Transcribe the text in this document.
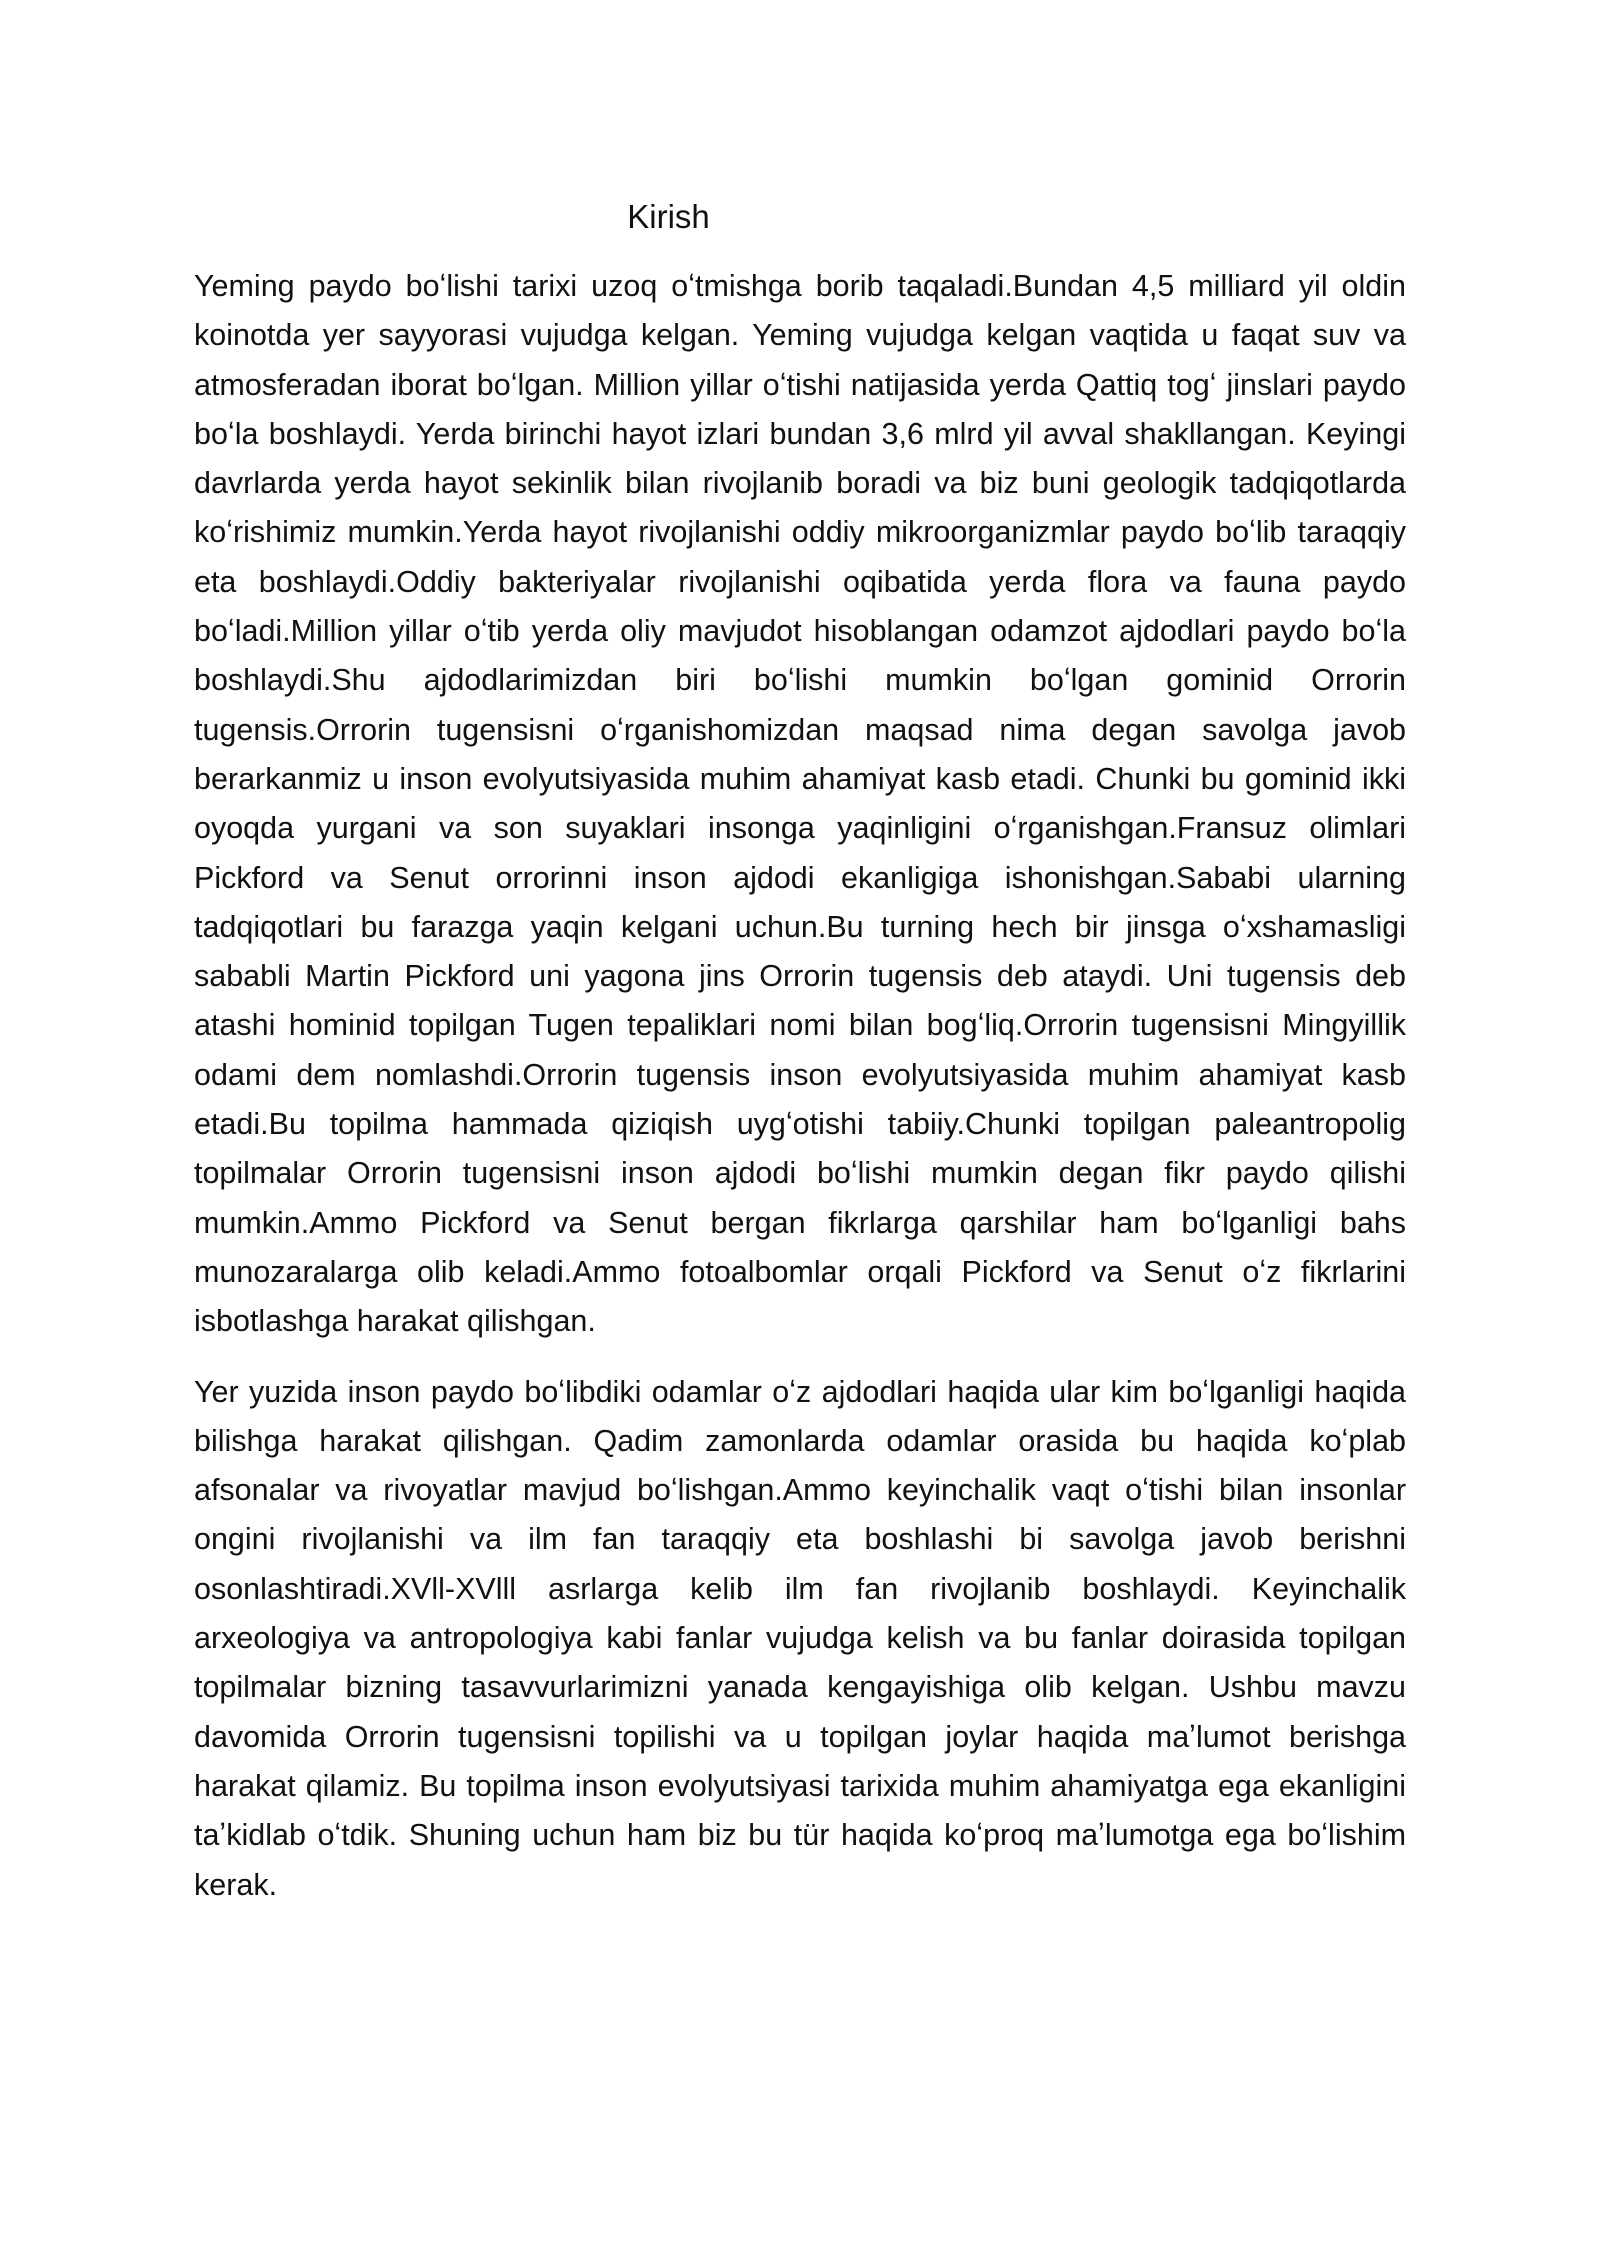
Kirish

Yeming paydo boʻlishi tarixi uzoq oʻtmishga borib taqaladi.Bundan 4,5 milliard yil oldin koinotda yer sayyorasi vujudga kelgan. Yeming vujudga kelgan vaqtida u faqat suv va atmosferadan iborat boʻlgan. Million yillar oʻtishi natijasida yerda Qattiq togʻ jinslari paydo boʻla boshlaydi. Yerda birinchi hayot izlari bundan 3,6 mlrd yil avval shakllangan. Keyingi davrlarda yerda hayot sekinlik bilan rivojlanib boradi va biz buni geologik tadqiqotlarda koʻrishimiz mumkin.Yerda hayot rivojlanishi oddiy mikroorganizmlar paydo boʻlib taraqqiy eta boshlaydi.Oddiy bakteriyalar rivojlanishi oqibatida yerda flora va fauna paydo boʻladi.Million yillar oʻtib yerda oliy mavjudot hisoblangan odamzot ajdodlari paydo boʻla boshlaydi.Shu ajdodlarimizdan biri boʻlishi mumkin boʻlgan gominid Orrorin tugensis.Orrorin tugensisni oʻrganishomizdan maqsad nima degan savolga javob berarkanmiz u inson evolyutsiyasida muhim ahamiyat kasb etadi. Chunki bu gominid ikki oyoqda yurgani va son suyaklari insonga yaqinligini oʻrganishgan.Fransuz olimlari Pickford va Senut orrorinni inson ajdodi ekanligiga ishonishgan.Sababi ularning tadqiqotlari bu farazga yaqin kelgani uchun.Bu turning hech bir jinsga oʻxshamasligi sababli Martin Pickford uni yagona jins Orrorin tugensis deb ataydi. Uni tugensis deb atashi hominid topilgan Tugen tepaliklari nomi bilan bogʻliq.Orrorin tugensisni Mingyillik odami dem nomlashdi.Orrorin tugensis inson evolyutsiyasida muhim ahamiyat kasb etadi.Bu topilma hammada qiziqish uygʻotishi tabiiy.Chunki topilgan paleantropolig topilmalar Orrorin tugensisni inson ajdodi boʻlishi mumkin degan fikr paydo qilishi mumkin.Ammo Pickford va Senut bergan fikrlarga qarshilar ham boʻlganligi bahs munozaralarga olib keladi.Ammo fotoalbomlar orqali Pickford va Senut oʻz fikrlarini isbotlashga harakat qilishgan.

Yer yuzida inson paydo boʻlibdiki odamlar oʻz ajdodlari haqida ular kim boʻlganligi haqida bilishga harakat qilishgan. Qadim zamonlarda odamlar orasida bu haqida koʻplab afsonalar va rivoyatlar mavjud boʻlishgan.Ammo keyinchalik vaqt oʻtishi bilan insonlar ongini rivojlanishi va ilm fan taraqqiy eta boshlashi bi savolga javob berishni osonlashtiradi.XVll-XVlll asrlarga kelib ilm fan rivojlanib boshlaydi. Keyinchalik arxeologiya va antropologiya kabi fanlar vujudga kelish va bu fanlar doirasida topilgan topilmalar bizning tasavvurlarimizni yanada kengayishiga olib kelgan. Ushbu mavzu davomida Orrorin tugensisni topilishi va u topilgan joylar haqida maʼlumot berishga harakat qilamiz. Bu topilma inson evolyutsiyasi tarixida muhim ahamiyatga ega ekanligini taʼkidlab oʻtdik. Shuning uchun ham biz bu tür haqida koʻproq maʼlumotga ega boʻlishim kerak.
